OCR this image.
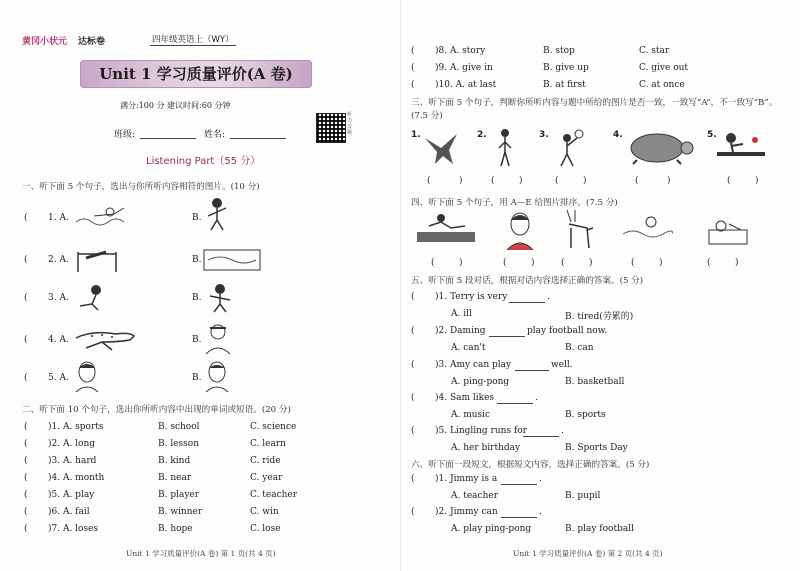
黄冈小状元 达标卷	四年级英语上（WY）
Unit 1 学习质量评价(A 卷)
满分:100 分 建议时间:60 分钟
班级:	姓名:
听力音频
Listening Part（55 分）
一、听下面 5 个句子，选出与你所听内容相符的图片。(10 分)
( 1. A.	B.
( 2. A.	B.
( 3. A.	B.
( 4. A.	B.
( 5. A.	B.
二、听下面 10 个句子，选出你所听内容中出现的单词或短语。(20 分)
( )1. A. sports	B. school	C. science
( )2. A. long	B. lesson	C. learn
( )3. A. hard	B. kind	C. ride
( )4. A. month	B. near	C. year
( )5. A. play	B. player	C. teacher
( )6. A. fail	B. winner	C. win
( )7. A. loses	B. hope	C. lose
Unit 1 学习质量评价(A 卷) 第 1 页(共 4 页)
( )8. A. story	B. stop	C. star
( )9. A. give in	B. give up	C. give out
( )10. A. at last	B. at first	C. at once
三、听下面 5 个句子，判断你所听内容与题中所给的图片是否一致，一致写“A”，不一致写“B”。(7.5 分)
1.
(	)
2.
(	)
3.
(	)
4.
(	)
5.
(	)
四、听下面 5 个句子，用 A—E 给图片排序。(7.5 分)
(	)	(	)	(	)	(	)	(	)
五、听下面 5 段对话，根据对话内容选择正确的答案。(5 分)
( )1. Terry is very	.
A. ill	B. tired(劳累的)
( )2. Daming	play football now.
A. can't	B. can
( )3. Amy can play	well.
A. ping-pong	B. basketball
( )4. Sam likes	.
A. music	B. sports
( )5. Lingling runs for	.
A. her birthday	B. Sports Day
六、听下面一段短文，根据短文内容，选择正确的答案。(5 分)
( )1. Jimmy is a	.
A. teacher	B. pupil
( )2. Jimmy can	.
A. play ping-pong	B. play football
Unit 1 学习质量评价(A 卷) 第 2 页(共 4 页)
